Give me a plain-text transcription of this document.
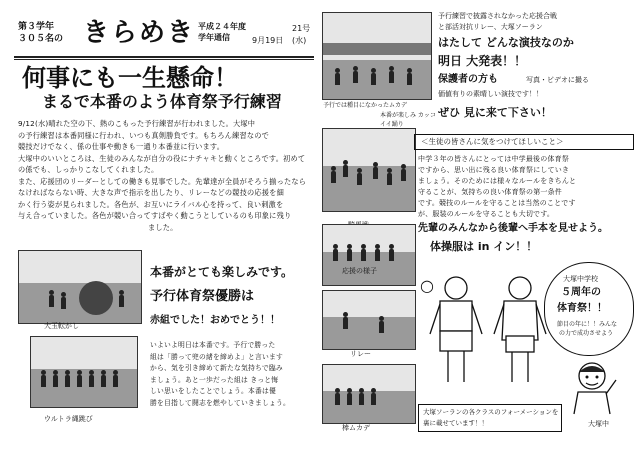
第３学年
３０５名の きらめき 平成２４年度
学年通信	9月19日
21号
(水)
何事にも一生懸命！
まるで本番のよう体育祭予行練習
9/12(水)晴れた空の下、熱のこもった予行練習が行われました。大塚中
の予行練習は本番同様に行われ、いつも真剣勝負です。もちろん練習なので
競技だけでなく、係の仕事や動きも一通り本番並に行います。
大塚中のいいところは、生徒のみんなが自分の役にナチャキと動くところです。初めて
の係でも、しっかりこなしてくれました。
また、応援団のリーダーとしての働きも見事でした。先輩達が全員がそろう揃ったなら
なければならない時、大きな声で指示を出したり、リレーなどの競技の応援を細
かく行う姿が見られました。各色が、お互いにライバル心を持って、良い刺激を
与え合っていました。各色が競い合ってすばやく動こうとしているのも印象に残り
ました。
大玉転がし
ウルトラ縄跳び
本番がとても楽しみです。
予行体育祭優勝は
赤組でした！おめでとう！！
いよいよ明日は本番です。予行で勝った
組は「勝って兜の緒を締めよ」と言います
から、気を引き締めて新たな気持ちで臨み
ましょう。あと一歩だった組は きっと悔
しい思いをしたことでしょう。本番は優
勝を目指して闘志を燃やしていきましょう。
予行では種目になかったムカデ
本番が楽しみ カッコイイ踊り
応援の様子
リレー
棒ムカデ
予行練習で披露されなかった応援合戦
と部活対抗リレー、大塚ソーラン
はたして どんな演技なのか
明日 大発表！！
保護者の方も	写真・ビデオに撮る
価値有りの素晴しい演技です！！
ぜひ 見に来て下さい！
＜生徒の皆さんに気をつけてほしいこと＞
中学３年の皆さんにとっては中学最後の体育祭
ですから、思い出に残る良い体育祭にしていき
ましょう。そのためには様々なルールをきちんと
守ることが、気持ちの良い体育祭の第一条件
です。競技のルールを守ることは当然のことです
が、服装のルールを守ることも大切です。
先輩のみんなから後輩へ手本を見せよう。
体操服は in イン！！
○	大塚中学校
５周年の
体育祭！！
節目の年に！！みんな
の力で成功させよう
大塚中
大塚ソーランの各クラスのフォーメーションを
裏に載せています！！
